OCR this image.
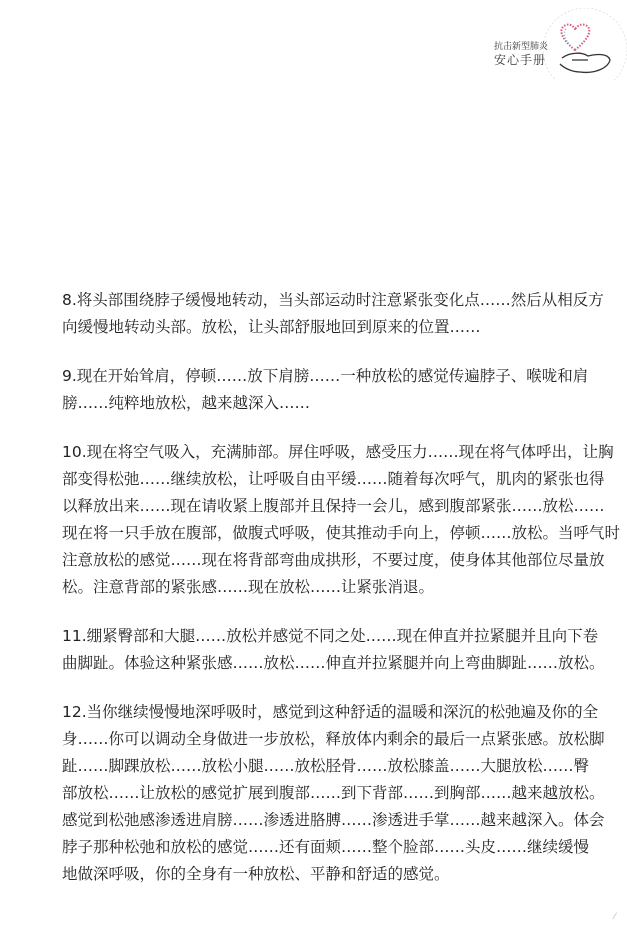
抗击新型肺炎
安心手册
8.将头部围绕脖子缓慢地转动，当头部运动时注意紧张变化点……然后从相反方
向缓慢地转动头部。放松，让头部舒服地回到原来的位置……
9.现在开始耸肩，停顿……放下肩膀……一种放松的感觉传遍脖子、喉咙和肩
膀……纯粹地放松，越来越深入……
10.现在将空气吸入，充满肺部。屏住呼吸，感受压力……现在将气体呼出，让胸
部变得松弛……继续放松，让呼吸自由平缓……随着每次呼气，肌肉的紧张也得
以释放出来……现在请收紧上腹部并且保持一会儿，感到腹部紧张……放松……
现在将一只手放在腹部，做腹式呼吸，使其推动手向上，停顿……放松。当呼气时
注意放松的感觉……现在将背部弯曲成拱形，不要过度，使身体其他部位尽量放
松。注意背部的紧张感……现在放松……让紧张消退。
11.绷紧臀部和大腿……放松并感觉不同之处……现在伸直并拉紧腿并且向下卷
曲脚趾。体验这种紧张感……放松……伸直并拉紧腿并向上弯曲脚趾……放松。
12.当你继续慢慢地深呼吸时，感觉到这种舒适的温暖和深沉的松弛遍及你的全
身……你可以调动全身做进一步放松，释放体内剩余的最后一点紧张感。放松脚
趾……脚踝放松……放松小腿……放松胫骨……放松膝盖……大腿放松……臀
部放松……让放松的感觉扩展到腹部……到下背部……到胸部……越来越放松。
感觉到松弛感渗透进肩膀……渗透进胳膊……渗透进手掌……越来越深入。体会
脖子那种松弛和放松的感觉……还有面颊……整个脸部……头皮……继续缓慢
地做深呼吸，你的全身有一种放松、平静和舒适的感觉。
⁄
